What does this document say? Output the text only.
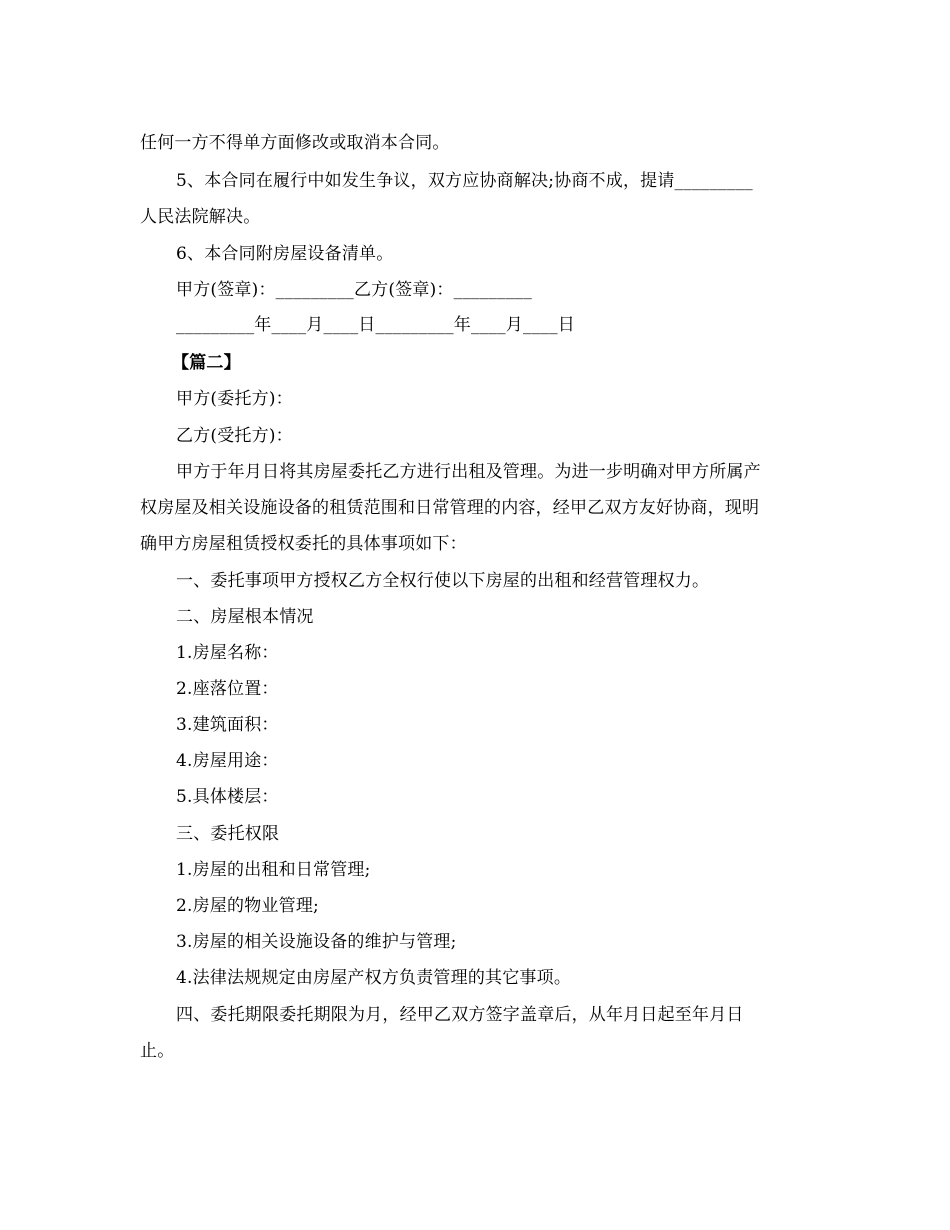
任何一方不得单方面修改或取消本合同。
5、本合同在履行中如发生争议，双方应协商解决;协商不成，提请_________
人民法院解决。
6、本合同附房屋设备清单。
甲方(签章)：_________乙方(签章)：_________
_________年____月____日_________年____月____日
【篇二】
甲方(委托方)：
乙方(受托方)：
甲方于年月日将其房屋委托乙方进行出租及管理。为进一步明确对甲方所属产
权房屋及相关设施设备的租赁范围和日常管理的内容，经甲乙双方友好协商，现明
确甲方房屋租赁授权委托的具体事项如下：
一、委托事项甲方授权乙方全权行使以下房屋的出租和经营管理权力。
二、房屋根本情况
1.房屋名称：
2.座落位置：
3.建筑面积：
4.房屋用途：
5.具体楼层：
三、委托权限
1.房屋的出租和日常管理;
2.房屋的物业管理;
3.房屋的相关设施设备的维护与管理;
4.法律法规规定由房屋产权方负责管理的其它事项。
四、委托期限委托期限为月，经甲乙双方签字盖章后，从年月日起至年月日
止。
